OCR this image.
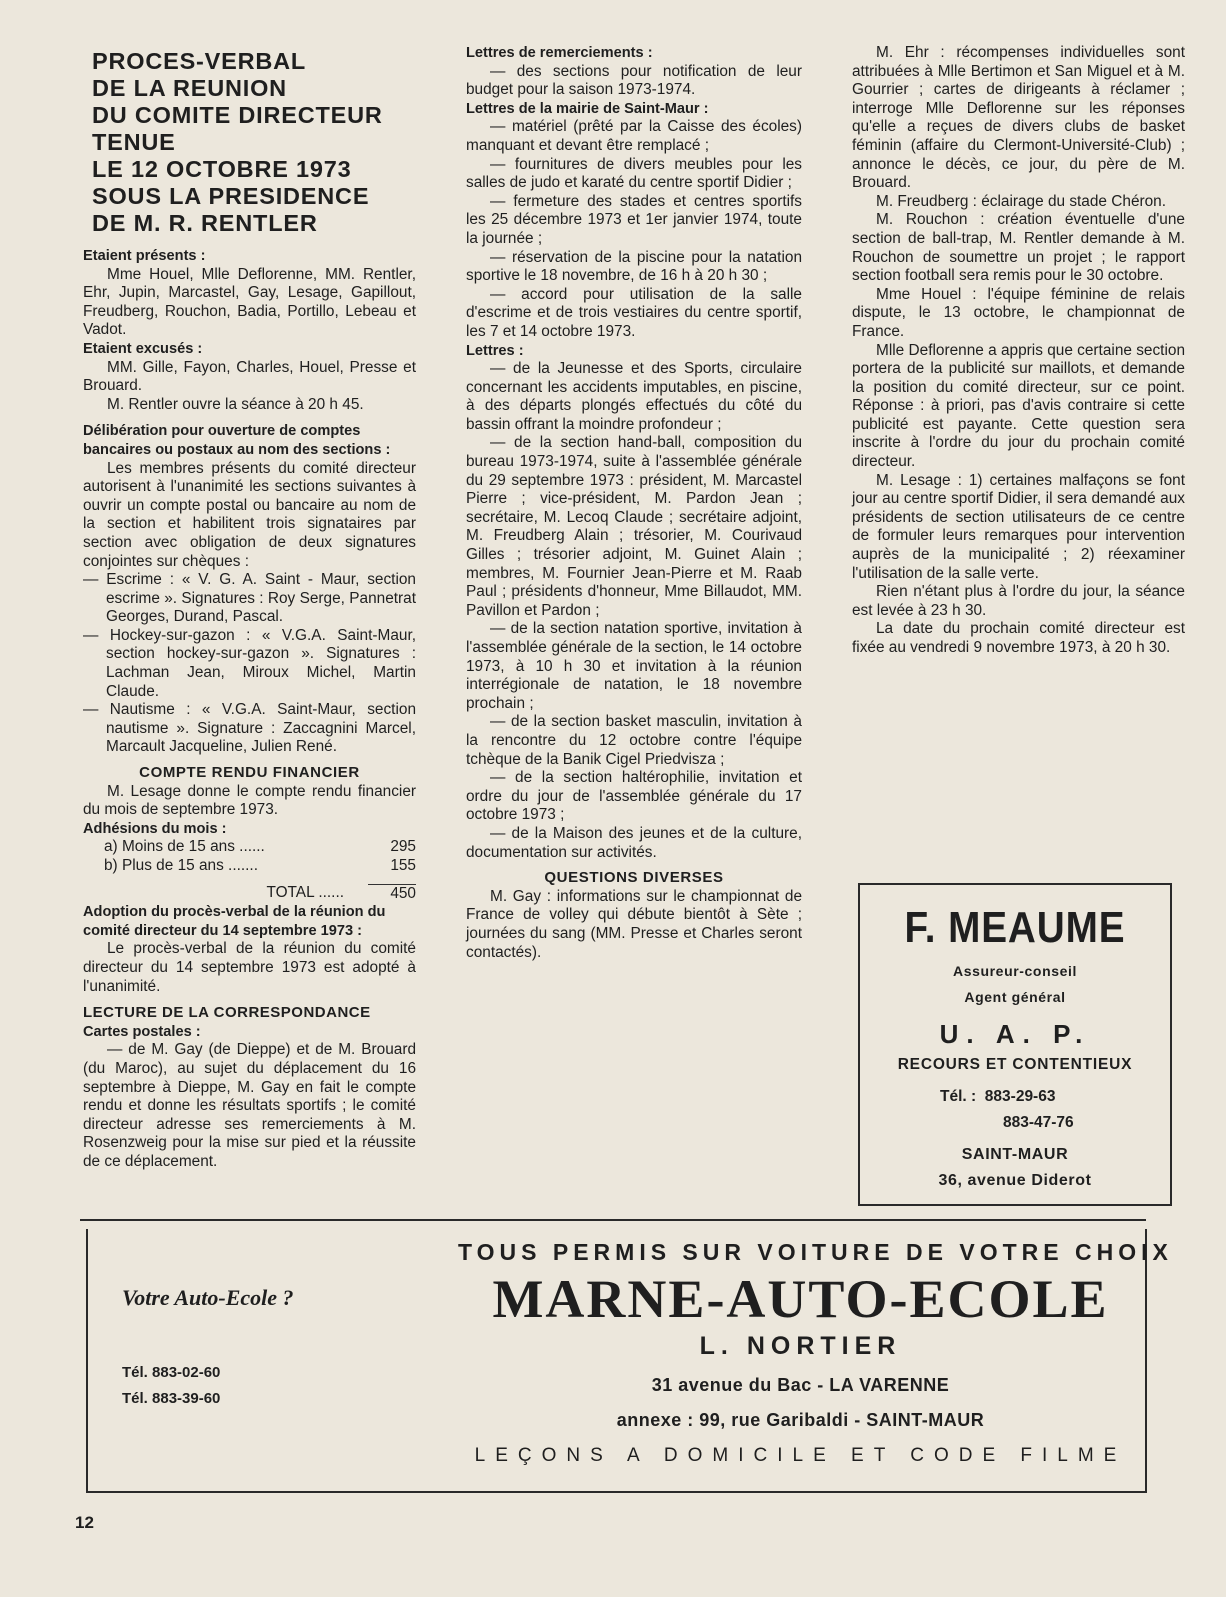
PROCES-VERBAL
DE LA REUNION
DU COMITE DIRECTEUR
TENUE
LE 12 OCTOBRE 1973
SOUS LA PRESIDENCE
DE M. R. RENTLER
Etaient présents :

Mme Houel, Mlle Deflorenne, MM. Rentler, Ehr, Jupin, Marcastel, Gay, Lesage, Gapillout, Freudberg, Rouchon, Badia, Portillo, Lebeau et Vadot.

Etaient excusés :

MM. Gille, Fayon, Charles, Houel, Presse et Brouard.

M. Rentler ouvre la séance à 20 h 45.

Délibération pour ouverture de comptes bancaires ou postaux au nom des sections :

Les membres présents du comité directeur autorisent à l'unanimité les sections suivantes à ouvrir un compte postal ou bancaire au nom de la section et habilitent trois signataires par section avec obligation de deux signatures conjointes sur chèques :

— Escrime : « V. G. A. Saint - Maur, section escrime ». Signatures : Roy Serge, Pannetrat Georges, Durand, Pascal.
— Hockey-sur-gazon : « V.G.A. Saint-Maur, section hockey-sur-gazon ». Signatures : Lachman Jean, Miroux Michel, Martin Claude.
— Nautisme : « V.G.A. Saint-Maur, section nautisme ». Signature : Zaccagnini Marcel, Marcault Jacqueline, Julien René.
COMPTE RENDU FINANCIER

M. Lesage donne le compte rendu financier du mois de septembre 1973.

Adhésions du mois :
a) Moins de 15 ans ......	295
b) Plus de 15 ans .......	155
TOTAL ......	450
Adoption du procès-verbal de la réunion du comité directeur du 14 septembre 1973 :

Le procès-verbal de la réunion du comité directeur du 14 septembre 1973 est adopté à l'unanimité.

LECTURE DE LA CORRESPONDANCE
Cartes postales :

— de M. Gay (de Dieppe) et de M. Brouard (du Maroc), au sujet du déplacement du 16 septembre à Dieppe, M. Gay en fait le compte rendu et donne les résultats sportifs ; le comité directeur adresse ses remerciements à M. Rosenzweig pour la mise sur pied et la réussite de ce déplacement.

Lettres de remerciements :

— des sections pour notification de leur budget pour la saison 1973-1974.

Lettres de la mairie de Saint-Maur :

— matériel (prêté par la Caisse des écoles) manquant et devant être remplacé ;

— fournitures de divers meubles pour les salles de judo et karaté du centre sportif Didier ;

— fermeture des stades et centres sportifs les 25 décembre 1973 et 1er janvier 1974, toute la journée ;

— réservation de la piscine pour la natation sportive le 18 novembre, de 16 h à 20 h 30 ;

— accord pour utilisation de la salle d'escrime et de trois vestiaires du centre sportif, les 7 et 14 octobre 1973.

Lettres :

— de la Jeunesse et des Sports, circulaire concernant les accidents imputables, en piscine, à des départs plongés effectués du côté du bassin offrant la moindre profondeur ;

— de la section hand-ball, composition du bureau 1973-1974, suite à l'assemblée générale du 29 septembre 1973 : président, M. Marcastel Pierre ; vice-président, M. Pardon Jean ; secrétaire, M. Lecoq Claude ; secrétaire adjoint, M. Freudberg Alain ; trésorier, M. Courivaud Gilles ; trésorier adjoint, M. Guinet Alain ; membres, M. Fournier Jean-Pierre et M. Raab Paul ; présidents d'honneur, Mme Billaudot, MM. Pavillon et Pardon ;

— de la section natation sportive, invitation à l'assemblée générale de la section, le 14 octobre 1973, à 10 h 30 et invitation à la réunion interrégionale de natation, le 18 novembre prochain ;

— de la section basket masculin, invitation à la rencontre du 12 octobre contre l'équipe tchèque de la Banik Cigel Priedvisza ;

— de la section haltérophilie, invitation et ordre du jour de l'assemblée générale du 17 octobre 1973 ;

— de la Maison des jeunes et de la culture, documentation sur activités.

QUESTIONS DIVERSES

M. Gay : informations sur le championnat de France de volley qui débute bientôt à Sète ; journées du sang (MM. Presse et Charles seront contactés).

M. Ehr : récompenses individuelles sont attribuées à Mlle Bertimon et San Miguel et à M. Gourrier ; cartes de dirigeants à réclamer ; interroge Mlle Deflorenne sur les réponses qu'elle a reçues de divers clubs de basket féminin (affaire du Clermont-Université-Club) ; annonce le décès, ce jour, du père de M. Brouard.

M. Freudberg : éclairage du stade Chéron.

M. Rouchon : création éventuelle d'une section de ball-trap, M. Rentler demande à M. Rouchon de soumettre un projet ; le rapport section football sera remis pour le 30 octobre.

Mme Houel : l'équipe féminine de relais dispute, le 13 octobre, le championnat de France.

Mlle Deflorenne a appris que certaine section portera de la publicité sur maillots, et demande la position du comité directeur, sur ce point. Réponse : à priori, pas d'avis contraire si cette publicité est payante. Cette question sera inscrite à l'ordre du jour du prochain comité directeur.

M. Lesage : 1) certaines malfaçons se font jour au centre sportif Didier, il sera demandé aux présidents de section utilisateurs de ce centre de formuler leurs remarques pour intervention auprès de la municipalité ; 2) réexaminer l'utilisation de la salle verte.

Rien n'étant plus à l'ordre du jour, la séance est levée à 23 h 30.

La date du prochain comité directeur est fixée au vendredi 9 novembre 1973, à 20 h 30.

F. MEAUME
Assureur-conseil
Agent général
U. A. P.
RECOURS ET CONTENTIEUX
Tél. : 883-29-63
883-47-76
SAINT-MAUR
36, avenue Diderot
Votre Auto-Ecole ?
Tél. 883-02-60
Tél. 883-39-60
TOUS PERMIS SUR VOITURE DE VOTRE CHOIX
MARNE-AUTO-ECOLE
L. NORTIER
31 avenue du Bac - LA VARENNE
annexe : 99, rue Garibaldi - SAINT-MAUR
LEÇONS A DOMICILE ET CODE FILME
12
